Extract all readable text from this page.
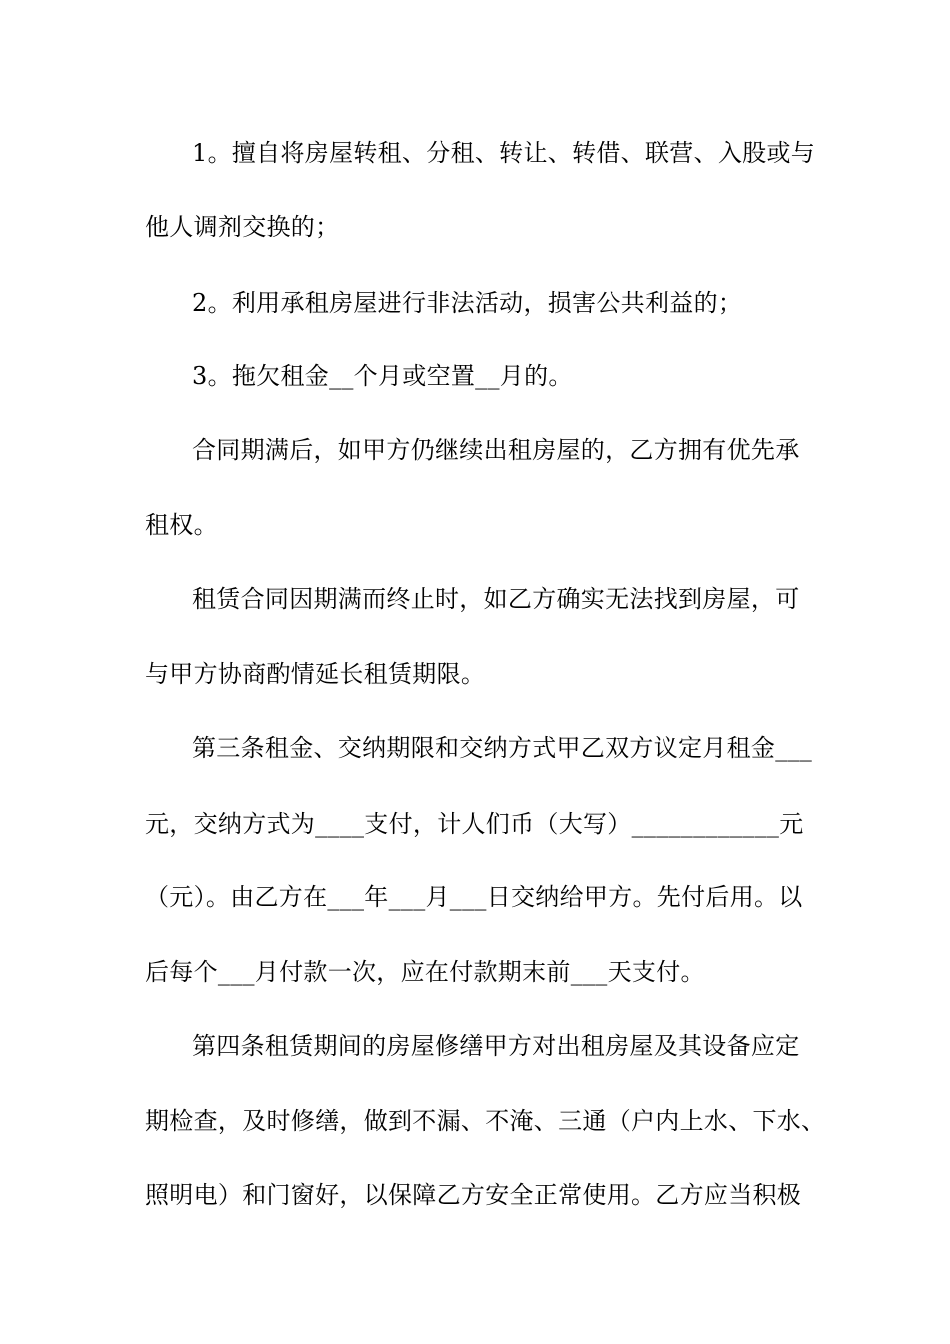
1。擅自将房屋转租、分租、转让、转借、联营、入股或与
他人调剂交换的；
2。利用承租房屋进行非法活动，损害公共利益的；
3。拖欠租金__个月或空置__月的。
合同期满后，如甲方仍继续出租房屋的，乙方拥有优先承
租权。
租赁合同因期满而终止时，如乙方确实无法找到房屋，可
与甲方协商酌情延长租赁期限。
第三条租金、交纳期限和交纳方式甲乙双方议定月租金___
元，交纳方式为____支付，计人们币（大写）____________元
（元）。由乙方在___年___月___日交纳给甲方。先付后用。以
后每个___月付款一次，应在付款期末前___天支付。
第四条租赁期间的房屋修缮甲方对出租房屋及其设备应定
期检查，及时修缮，做到不漏、不淹、三通（户内上水、下水、
照明电）和门窗好，以保障乙方安全正常使用。乙方应当积极
